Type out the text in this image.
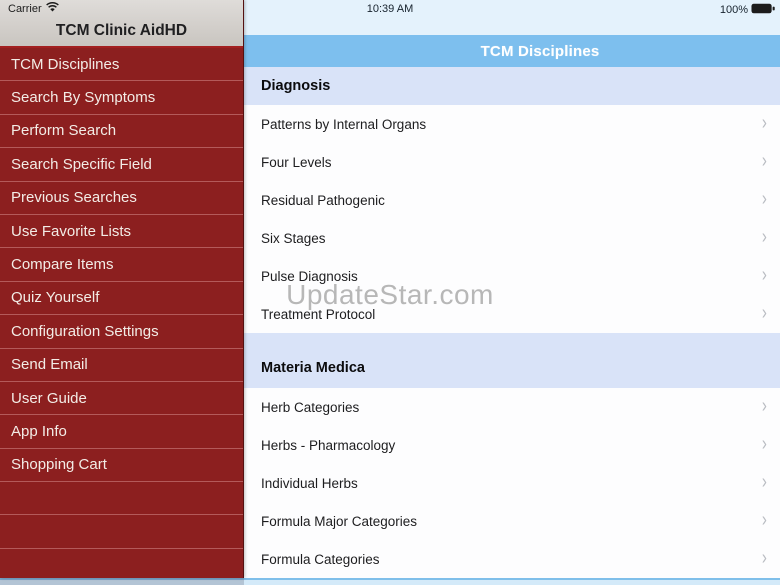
TCM Disciplines
Diagnosis
Patterns by Internal Organs	›
Four Levels	›
Residual Pathogenic	›
Six Stages	›
Pulse Diagnosis	›
Treatment Protocol	›
Materia Medica
Herb Categories	›
Herbs - Pharmacology	›
Individual Herbs	›
Formula Major Categories	›
Formula Categories	›
Carrier
TCM Clinic AidHD
TCM Disciplines
Search By Symptoms
Perform Search
Search Specific Field
Previous Searches
Use Favorite Lists
Compare Items
Quiz Yourself
Configuration Settings
Send Email
User Guide
App Info
Shopping Cart
10:39 AM	100%
UpdateStar.com
